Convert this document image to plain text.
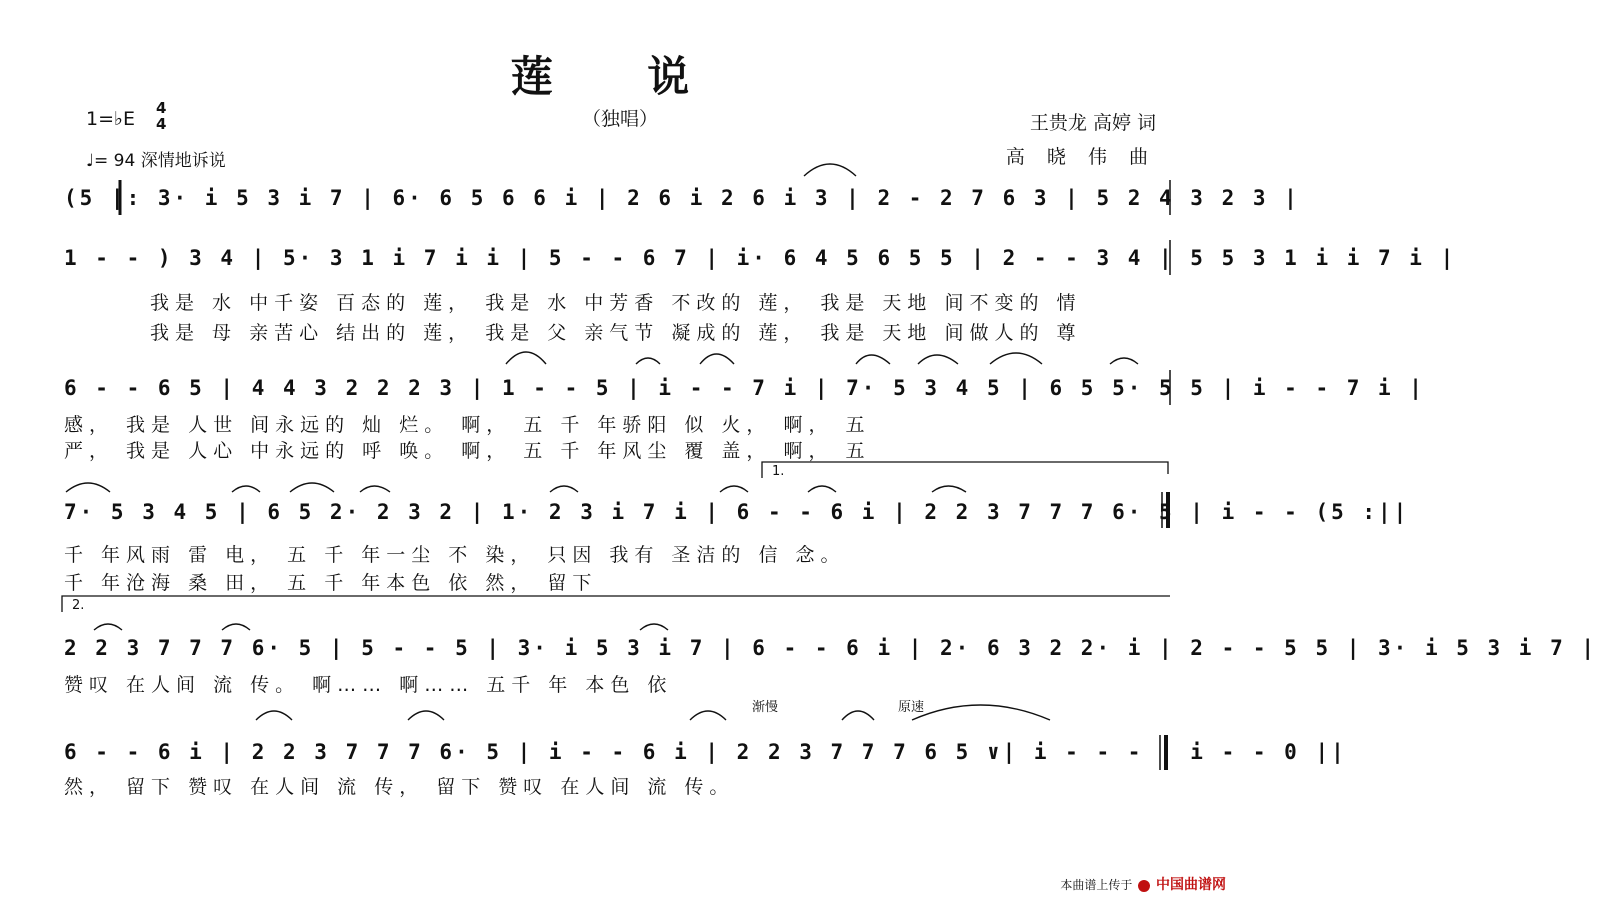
莲 说
（独唱）
1=♭E 4
4
♩= 94 深情地诉说
王贵龙 高婷 词
高 晓 伟 曲
(5 |: 3· i 5 3 i 7 | 6· 6 5 6 6 i | 2 6 i 2 6 i 3 | 2 - 2 7 6 3 | 5 2 4 3 2 3 |
1 - - ) 3 4 | 5· 3 1 i 7 i i | 5 - - 6 7 | i· 6 4 5 6 5 5 | 2 - - 3 4 | 5 5 3 1 i i 7 i |
我是 水 中千姿 百态的 莲， 我是 水 中芳香 不改的 莲， 我是 天地 间不变的 情
我是 母 亲苦心 结出的 莲， 我是 父 亲气节 凝成的 莲， 我是 天地 间做人的 尊
6 - - 6 5 | 4 4 3 2 2 2 3 | 1 - - 5 | i - - 7 i | 7· 5 3 4 5 | 6 5 5· 5 5 | i - - 7 i |
感， 我是 人世 间永远的 灿 烂。 啊， 五 千 年骄阳 似 火， 啊， 五
严， 我是 人心 中永远的 呼 唤。 啊， 五 千 年风尘 覆 盖， 啊， 五
1.
7· 5 3 4 5 | 6 5 2· 2 3 2 | 1· 2 3 i 7 i | 6 - - 6 i | 2 2 3 7 7 7 6· 5 | i - - (5 :||
千 年风雨 雷 电， 五 千 年一尘 不 染， 只因 我有 圣洁的 信 念。
千 年沧海 桑 田， 五 千 年本色 依 然， 留下
2.
2 2 3 7 7 7 6· 5 | 5 - - 5 | 3· i 5 3 i 7 | 6 - - 6 i | 2· 6 3 2 2· i | 2 - - 5 5 | 3· i 5 3 i 7 |
赞叹 在人间 流 传。 啊…… 啊…… 五千 年 本色 依
渐慢	原速
6 - - 6 i | 2 2 3 7 7 7 6· 5 | i - - 6 i | 2 2 3 7 7 7 6 5 ∨| i - - - | i - - 0 ||
然， 留下 赞叹 在人间 流 传， 留下 赞叹 在人间 流 传。
本曲谱上传于 中国曲谱网
